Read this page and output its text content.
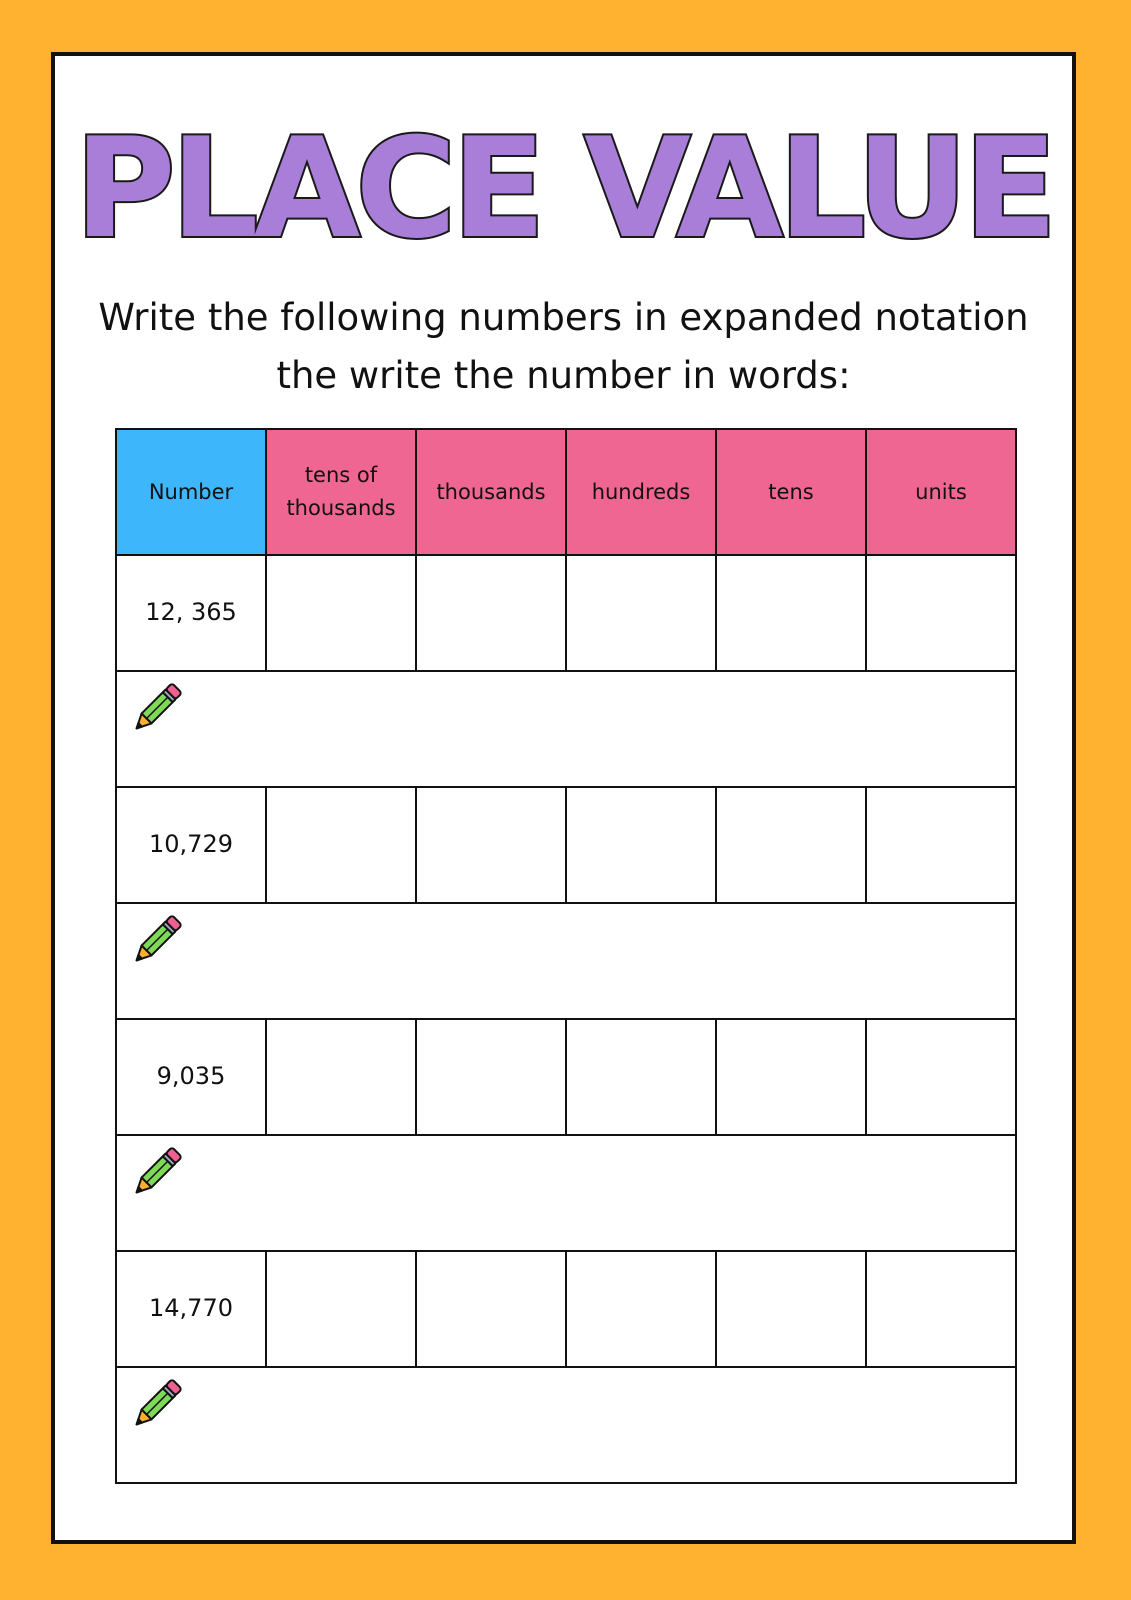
PLACE VALUE

Write the following numbers in expanded notation
the write the number in words:

Number	tens of thousands	thousands	hundreds	tens	units
12, 365					

10,729					

9,035					

14,770					
